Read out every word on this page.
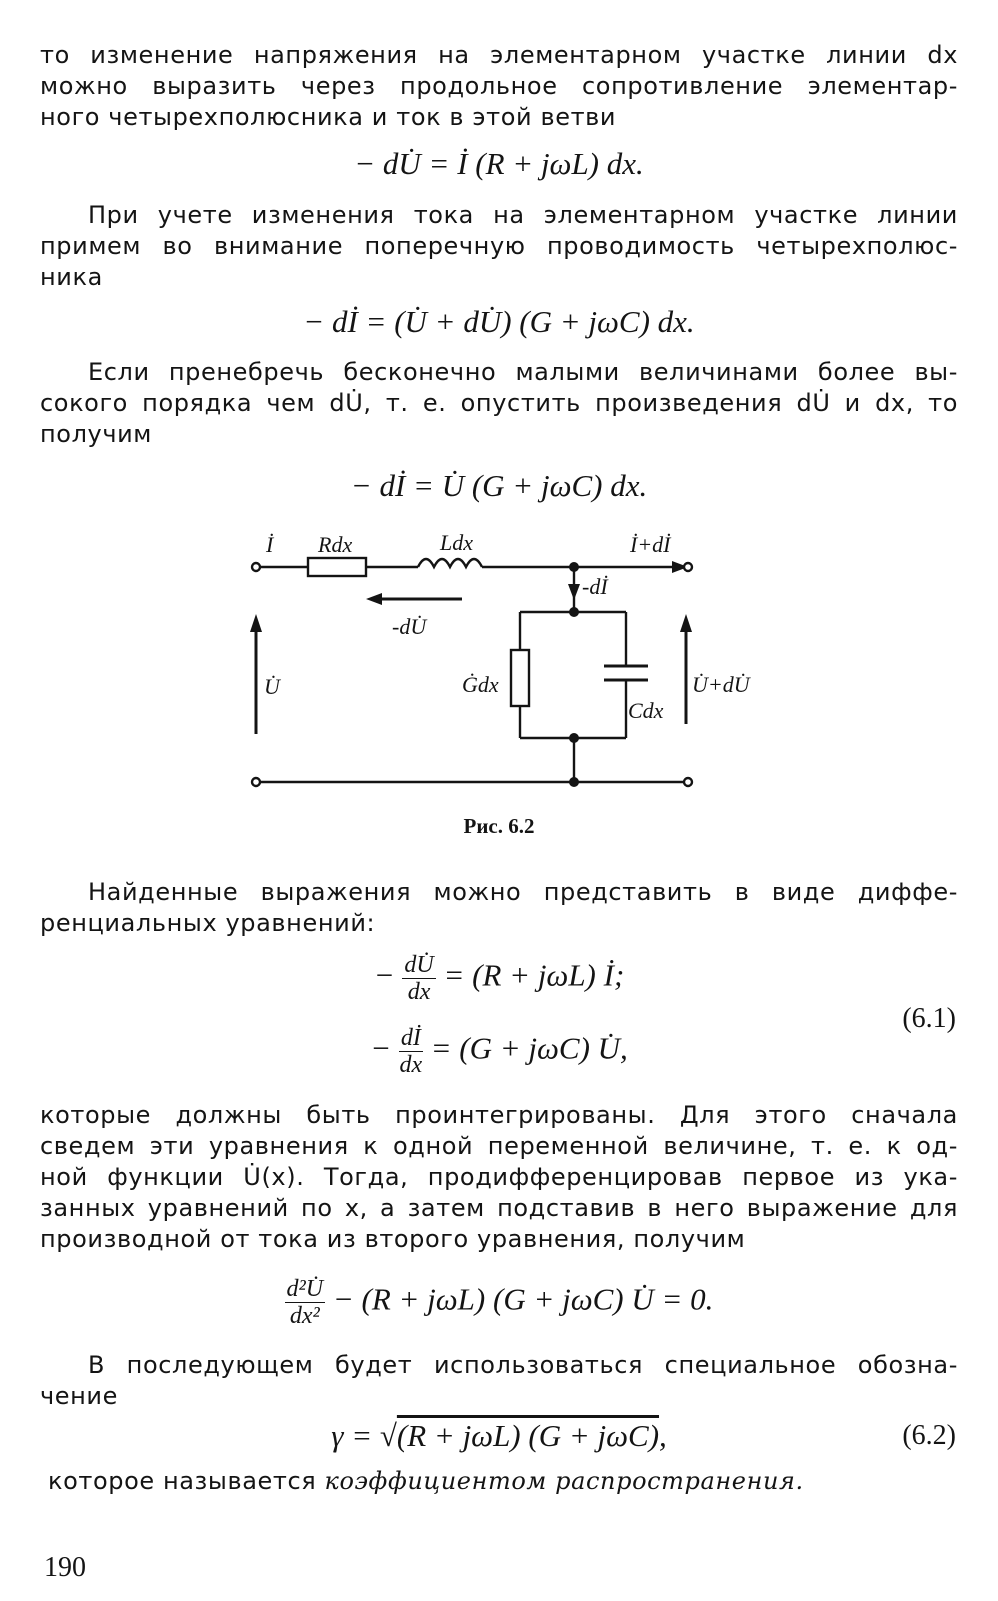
то изменение напряжения на элементарном участке линии dx
можно выразить через продольное сопротивление элементар-
ного четырехполюсника и ток в этой ветви

− dU̇ = İ (R + jωL) dx.

При учете изменения тока на элементарном участке линии
примем во внимание поперечную проводимость четырехполюс-
ника

− dİ = (U̇ + dU̇) (G + jωC) dx.

Если пренебречь бесконечно малыми величинами более вы-
сокого порядка чем dU̇, т. е. опустить произведения dU̇ и dx, то
получим

− dİ = U̇ (G + jωC) dx.
İ Rdx	Ldx	İ+dİ
-dİ
-dU̇
U̇	Ġdx
Cdx
U̇+dU̇
Рис. 6.2

Найденные выражения можно представить в виде диффе-
ренциальных уравнений:

− $\frac{dU̇}{dx} = (R + j\omega L)$ İ;
− $\frac{dİ}{dx} = (G + j\omega C)$ U̇,
(6.1)

которые должны быть проинтегрированы. Для этого сначала
сведем эти уравнения к одной переменной величине, т. е. к од-
ной функции U̇(x). Тогда, продифференцировав первое из ука-
занных уравнений по x, а затем подставив в него выражение для
производной от тока из второго уравнения, получим

$\frac{\text{d²U̇}}{\text{dx²}} - (R + j\omega L) (G + j\omega C)$ U̇ = 0.

В последующем будет использоваться специальное обозна-
чение

γ = √(R + jωL) (G + jωC),	(6.2)

которое называется коэффициентом распространения.

190
